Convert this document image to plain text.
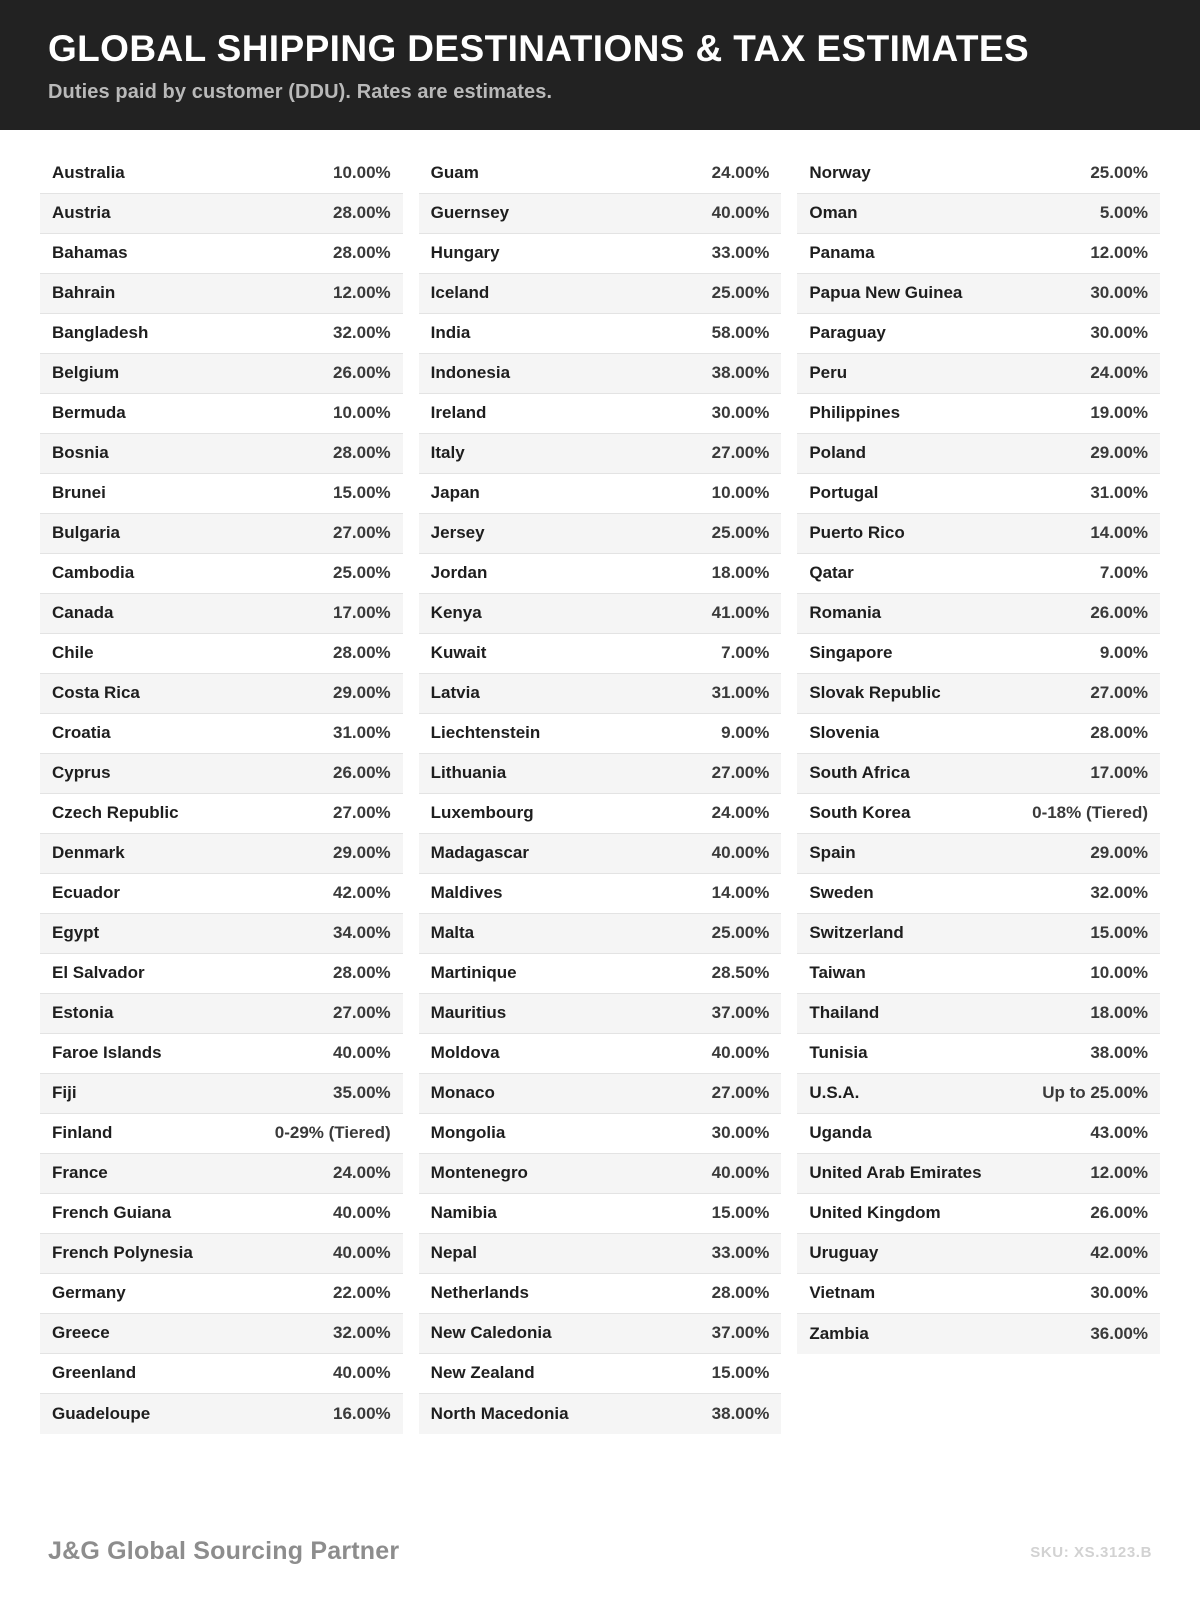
GLOBAL SHIPPING DESTINATIONS & TAX ESTIMATES

Duties paid by customer (DDU). Rates are estimates.

Australia	10.00%
Austria	28.00%
Bahamas	28.00%
Bahrain	12.00%
Bangladesh	32.00%
Belgium	26.00%
Bermuda	10.00%
Bosnia	28.00%
Brunei	15.00%
Bulgaria	27.00%
Cambodia	25.00%
Canada	17.00%
Chile	28.00%
Costa Rica	29.00%
Croatia	31.00%
Cyprus	26.00%
Czech Republic	27.00%
Denmark	29.00%
Ecuador	42.00%
Egypt	34.00%
El Salvador	28.00%
Estonia	27.00%
Faroe Islands	40.00%
Fiji	35.00%
Finland	0-29% (Tiered)
France	24.00%
French Guiana	40.00%
French Polynesia	40.00%
Germany	22.00%
Greece	32.00%
Greenland	40.00%
Guadeloupe	16.00%
Guam	24.00%
Guernsey	40.00%
Hungary	33.00%
Iceland	25.00%
India	58.00%
Indonesia	38.00%
Ireland	30.00%
Italy	27.00%
Japan	10.00%
Jersey	25.00%
Jordan	18.00%
Kenya	41.00%
Kuwait	7.00%
Latvia	31.00%
Liechtenstein	9.00%
Lithuania	27.00%
Luxembourg	24.00%
Madagascar	40.00%
Maldives	14.00%
Malta	25.00%
Martinique	28.50%
Mauritius	37.00%
Moldova	40.00%
Monaco	27.00%
Mongolia	30.00%
Montenegro	40.00%
Namibia	15.00%
Nepal	33.00%
Netherlands	28.00%
New Caledonia	37.00%
New Zealand	15.00%
North Macedonia	38.00%
Norway	25.00%
Oman	5.00%
Panama	12.00%
Papua New Guinea	30.00%
Paraguay	30.00%
Peru	24.00%
Philippines	19.00%
Poland	29.00%
Portugal	31.00%
Puerto Rico	14.00%
Qatar	7.00%
Romania	26.00%
Singapore	9.00%
Slovak Republic	27.00%
Slovenia	28.00%
South Africa	17.00%
South Korea	0-18% (Tiered)
Spain	29.00%
Sweden	32.00%
Switzerland	15.00%
Taiwan	10.00%
Thailand	18.00%
Tunisia	38.00%
U.S.A.	Up to 25.00%
Uganda	43.00%
United Arab Emirates	12.00%
United Kingdom	26.00%
Uruguay	42.00%
Vietnam	30.00%
Zambia	36.00%
J&G Global Sourcing Partner	SKU: XS.3123.B
